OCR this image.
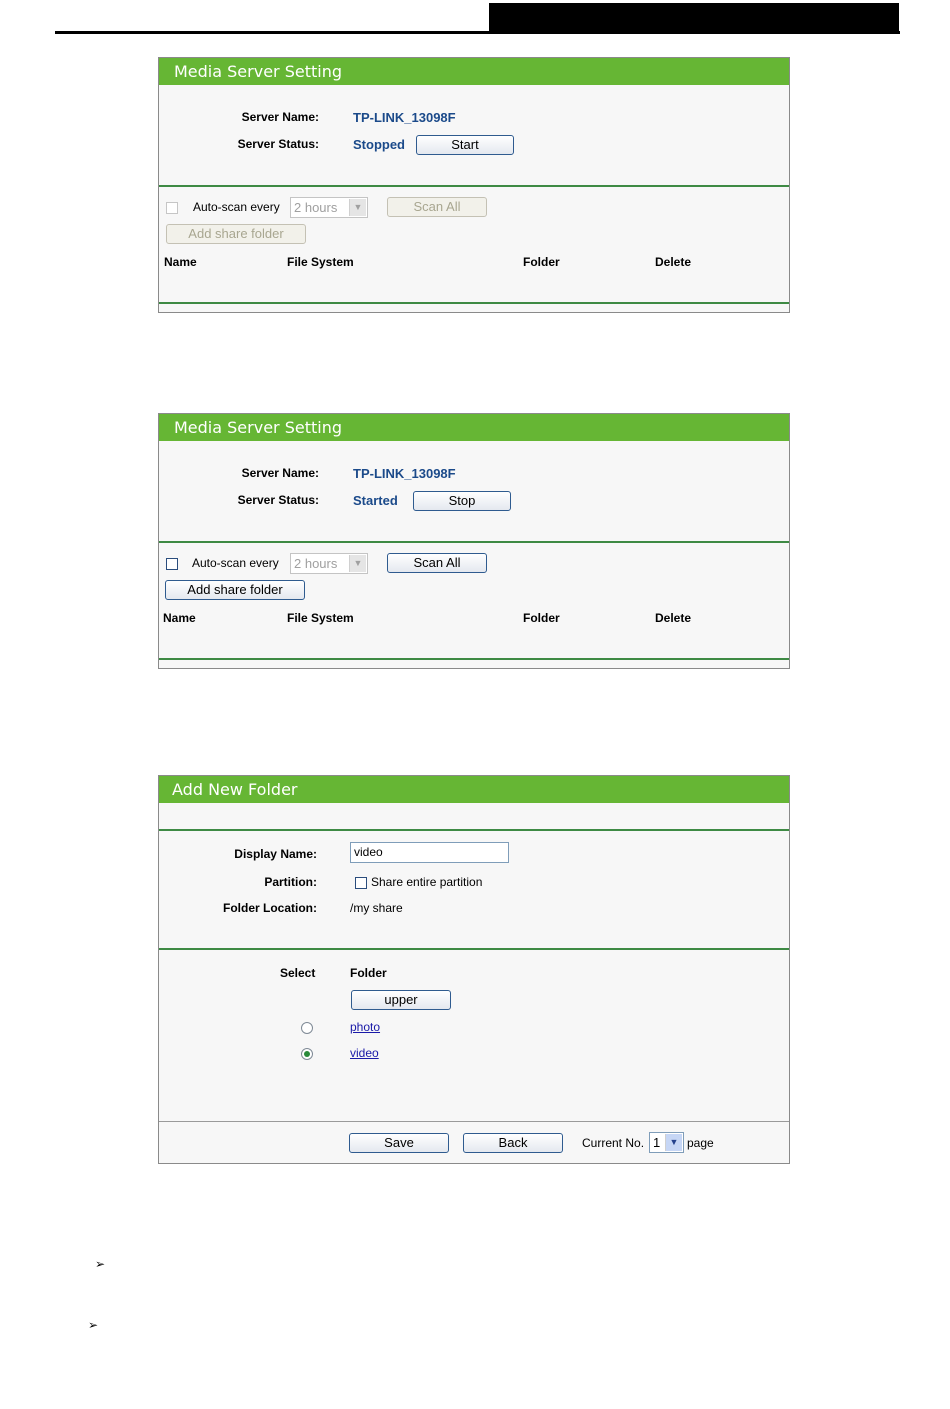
Media Server Setting
Server Name:	TP-LINK_13098F
Server Status:	Stopped	Start
Auto-scan every	2 hours	▼	Scan All
Add share folder
Name	File System	Folder	Delete
Media Server Setting
Server Name:	TP-LINK_13098F
Server Status:	Started	Stop
Auto-scan every	2 hours	▼	Scan All
Add share folder
Name	File System	Folder	Delete
Add New Folder
Display Name:	video
Partition:	Share entire partition
Folder Location:	/my share
Select	Folder
upper
photo
video
Save	Back	Current No. 1	▼ page
➢
➢
